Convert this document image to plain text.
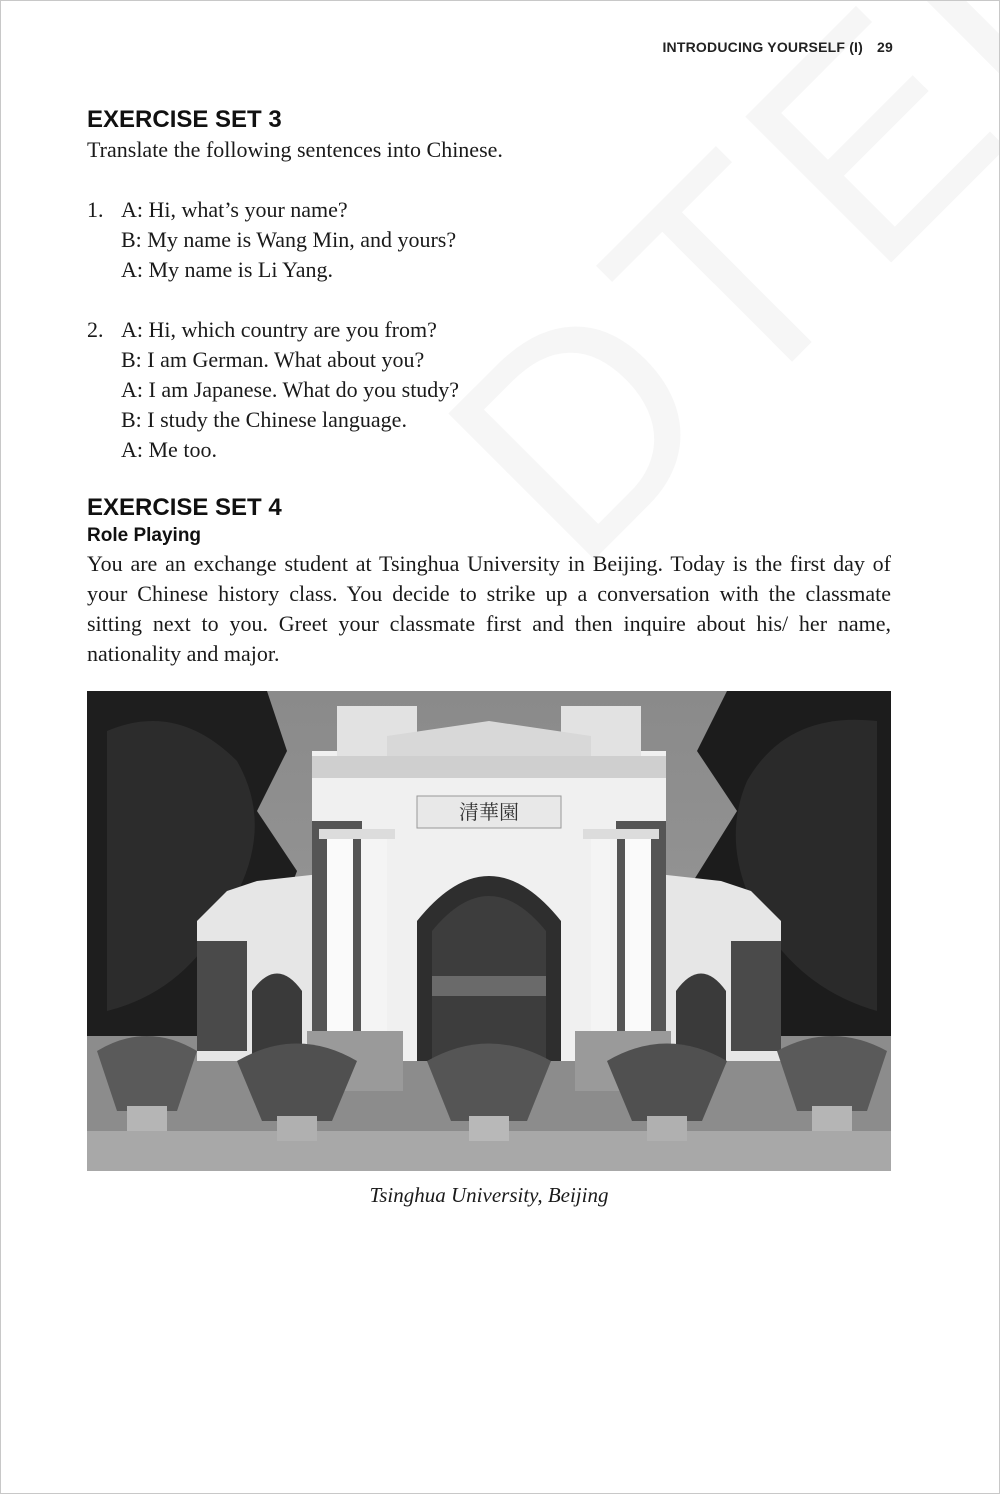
INTRODUCING YOURSELF (I) 29
EXERCISE SET 3

Translate the following sentences into Chinese.

1. A: Hi, what’s your name?
B: My name is Wang Min, and yours?
A: My name is Li Yang.
2. A: Hi, which country are you from?
B: I am German. What about you?
A: I am Japanese. What do you study?
B: I study the Chinese language.
A: Me too.
EXERCISE SET 4
Role Playing

You are an exchange student at Tsinghua University in Beijing. Today is the first day of your Chinese history class. You decide to strike up a conversation with the classmate sitting next to you. Greet your classmate first and then inquire about his/ her name, nationality and major.

清華園
Tsinghua University, Beijing
